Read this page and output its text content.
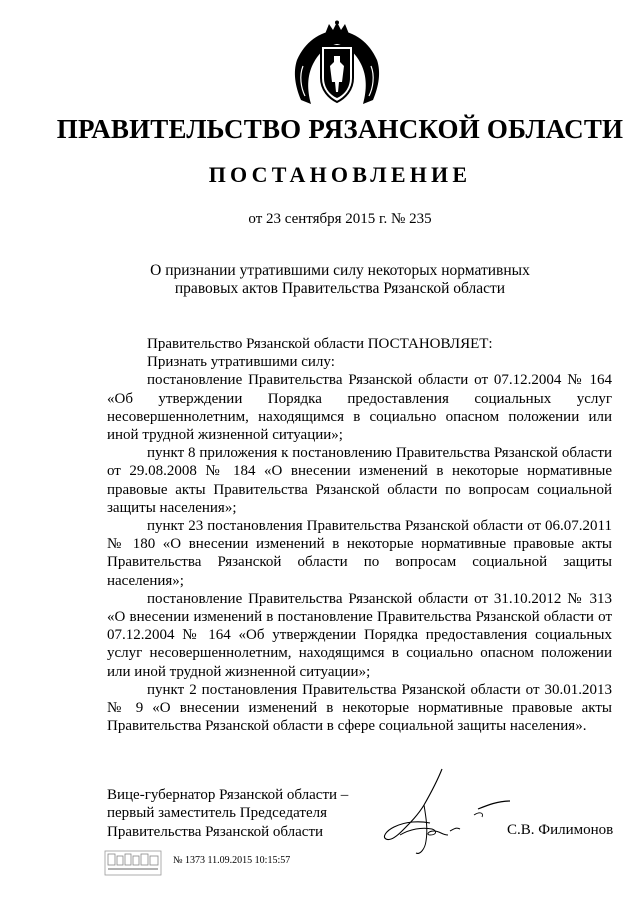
ПРАВИТЕЛЬСТВО РЯЗАНСКОЙ ОБЛАСТИ
ПОСТАНОВЛЕНИЕ
от 23 сентября 2015 г. № 235
О признании утратившими силу некоторых нормативных
правовых актов Правительства Рязанской области

Правительство Рязанской области ПОСТАНОВЛЯЕТ:

Признать утратившими силу:

постановление Правительства Рязанской области от 07.12.2004 № 164 «Об утверждении Порядка предоставления социальных услуг несовершеннолетним, находящимся в социально опасном положении или иной трудной жизненной ситуации»;

пункт 8 приложения к постановлению Правительства Рязанской области от 29.08.2008 № 184 «О внесении изменений в некоторые нормативные правовые акты Правительства Рязанской области по вопросам социальной защиты населения»;

пункт 23 постановления Правительства Рязанской области от 06.07.2011 № 180 «О внесении изменений в некоторые нормативные правовые акты Правительства Рязанской области по вопросам социальной защиты населения»;

постановление Правительства Рязанской области от 31.10.2012 № 313 «О внесении изменений в постановление Правительства Рязанской области от 07.12.2004 № 164 «Об утверждении Порядка предоставления социальных услуг несовершеннолетним, находящимся в социально опасном положении или иной трудной жизненной ситуации»;

пункт 2 постановления Правительства Рязанской области от 30.01.2013 № 9 «О внесении изменений в некоторые нормативные правовые акты Правительства Рязанской области в сфере социальной защиты населения».

Вице-губернатор Рязанской области –
первый заместитель Председателя
Правительства Рязанской области	С.В. Филимонов
№ 1373 11.09.2015 10:15:57
